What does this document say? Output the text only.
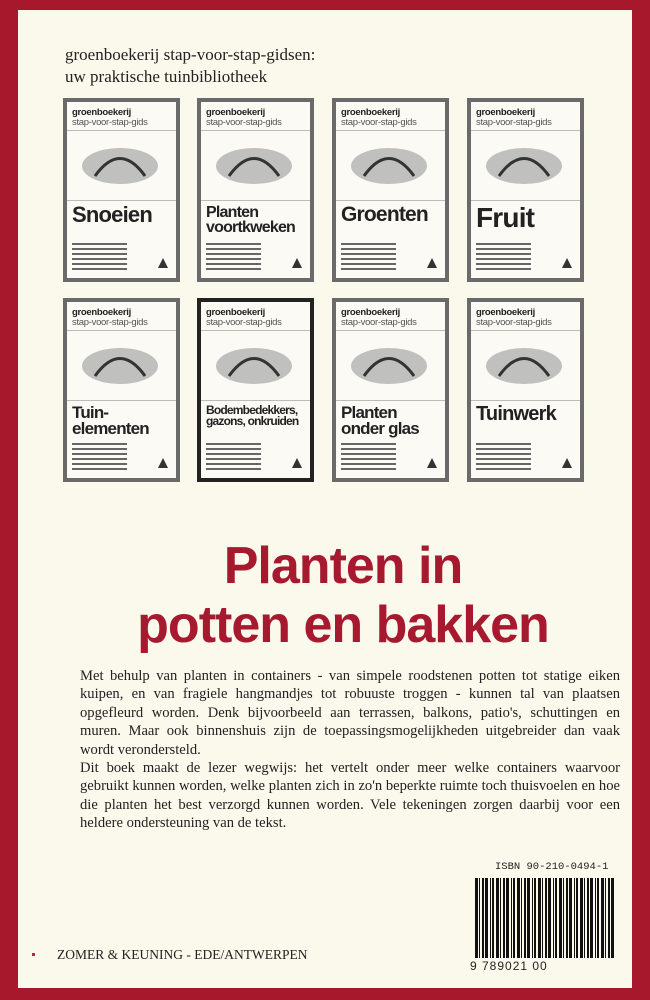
groenboekerij stap-voor-stap-gidsen:
uw praktische tuinbibliotheek
groenboekerij
stap-voor-stap-gids
Snoeien
groenboekerij
stap-voor-stap-gids
Planten
voortkweken
groenboekerij
stap-voor-stap-gids
Groenten
groenboekerij
stap-voor-stap-gids
Fruit
groenboekerij
stap-voor-stap-gids
Tuin-
elementen
groenboekerij
stap-voor-stap-gids
Bodembedekkers,
gazons, onkruiden
groenboekerij
stap-voor-stap-gids
Planten
onder glas
groenboekerij
stap-voor-stap-gids
Tuinwerk
Planten in
potten en bakken

Met behulp van planten in containers - van simpele roodstenen potten tot statige eiken kuipen, en van fragiele hangmandjes tot robuuste troggen - kunnen tal van plaatsen opgefleurd worden. Denk bijvoorbeeld aan terrassen, balkons, patio's, schuttingen en muren. Maar ook binnenshuis zijn de toepassingsmogelijkheden uitgebreider dan vaak wordt verondersteld.

Dit boek maakt de lezer wegwijs: het vertelt onder meer welke containers waarvoor gebruikt kunnen worden, welke planten zich in zo'n beperkte ruimte toch thuisvoelen en hoe die planten het best verzorgd kunnen worden. Vele tekeningen zorgen daarbij voor een heldere ondersteuning van de tekst.

ISBN 90-210-0494-1
9 789021 00
ZOMER & KEUNING - EDE/ANTWERPEN
